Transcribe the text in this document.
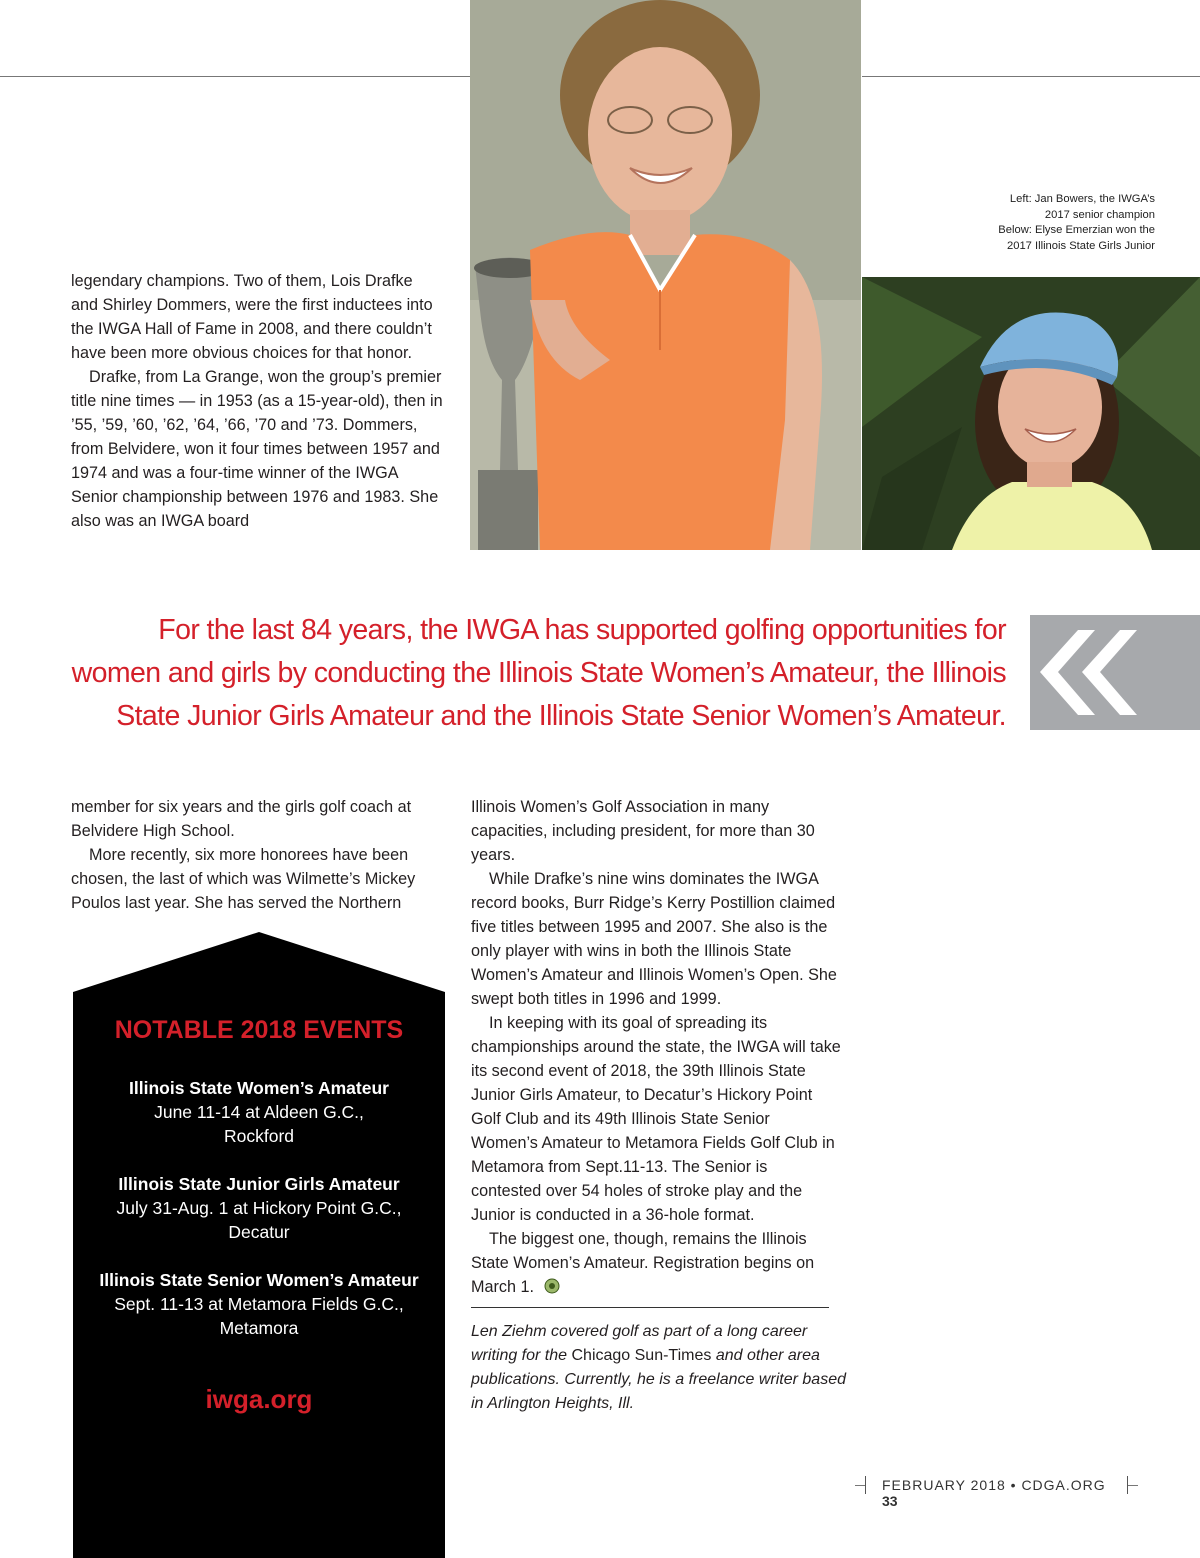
Left: Jan Bowers, the IWGA’s
2017 senior champion
Below: Elyse Emerzian won the
2017 Illinois State Girls Junior

legendary champions. Two of them, Lois Drafke and Shirley Dommers, were the first inductees into the IWGA Hall of Fame in 2008, and there couldn’t have been more obvious choices for that honor.

Drafke, from La Grange, won the group’s premier title nine times — in 1953 (as a 15-year-old), then in ’55, ’59, ’60, ’62, ’64, ’66, ’70 and ’73. Dommers, from Belvidere, won it four times between 1957 and 1974 and was a four-time winner of the IWGA Senior championship between 1976 and 1983. She also was an IWGA board

For the last 84 years, the IWGA has supported golfing opportunities for
women and girls by conducting the Illinois State Women’s Amateur, the Illinois
State Junior Girls Amateur and the Illinois State Senior Women’s Amateur.

member for six years and the girls golf coach at Belvidere High School.

More recently, six more honorees have been chosen, the last of which was Wilmette’s Mickey Poulos last year. She has served the Northern

NOTABLE 2018 EVENTS
Illinois State Women’s Amateur
June 11-14 at Aldeen G.C.,
Rockford
Illinois State Junior Girls Amateur
July 31-Aug. 1 at Hickory Point G.C.,
Decatur
Illinois State Senior Women’s Amateur
Sept. 11-13 at Metamora Fields G.C.,
Metamora
iwga.org

Illinois Women’s Golf Association in many capacities, including president, for more than 30 years.

While Drafke’s nine wins dominates the IWGA record books, Burr Ridge’s Kerry Postillion claimed five titles between 1995 and 2007. She also is the only player with wins in both the Illinois State Women’s Amateur and Illinois Women’s Open. She swept both titles in 1996 and 1999.

In keeping with its goal of spreading its championships around the state, the IWGA will take its second event of 2018, the 39th Illinois State Junior Girls Amateur, to Decatur’s Hickory Point Golf Club and its 49th Illinois State Senior Women’s Amateur to Metamora Fields Golf Club in Metamora from Sept.11-13. The Senior is contested over 54 holes of stroke play and the Junior is conducted in a 36-hole format.

The biggest one, though, remains the Illinois State Women’s Amateur. Registration begins on March 1.

Len Ziehm covered golf as part of a long career writing for the Chicago Sun-Times and other area publications. Currently, he is a freelance writer based in Arlington Heights, Ill.
FEBRUARY 2018 • CDGA.ORG 33
